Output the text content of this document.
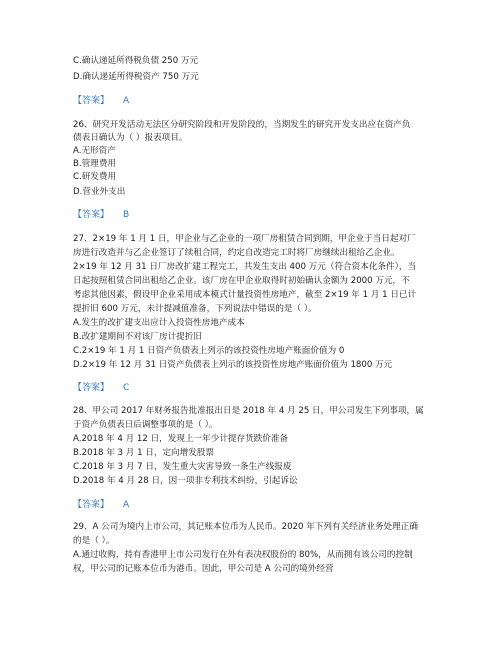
C.确认递延所得税负债 250 万元
D.确认递延所得税资产 750 万元
【答案】 A
26、研究开发活动无法区分研究阶段和开发阶段的，当期发生的研究开发支出应在资产负
债表日确认为（ ）报表项目。
A.无形资产
B.管理费用
C.研发费用
D.营业外支出
【答案】 B
27、2×19 年 1 月 1 日，甲企业与乙企业的一项厂房租赁合同到期，甲企业于当日起对厂
房进行改造并与乙企业签订了续租合同，约定自改造完工时将厂房继续出租给乙企业。
2×19 年 12 月 31 日厂房改扩建工程完工，共发生支出 400 万元（符合资本化条件），当
日起按照租赁合同出租给乙企业。该厂房在甲企业取得时初始确认金额为 2000 万元，不
考虑其他因素，假设甲企业采用成本模式计量投资性房地产，截至 2×19 年 1 月 1 日已计
提折旧 600 万元，未计提减值准备，下列说法中错误的是（ ）。
A.发生的改扩建支出应计入投资性房地产成本
B.改扩建期间不对该厂房计提折旧
C.2×19 年 1 月 1 日资产负债表上列示的该投资性房地产账面价值为 0
D.2×19 年 12 月 31 日资产负债表上列示的该投资性房地产账面价值为 1800 万元
【答案】 C
28、甲公司 2017 年财务报告批准报出日是 2018 年 4 月 25 日，甲公司发生下列事项，属
于资产负债表日后调整事项的是（ ）。
A.2018 年 4 月 12 日，发现上一年少计提存货跌价准备
B.2018 年 3 月 1 日，定向增发股票
C.2018 年 3 月 7 日，发生重大灾害导致一条生产线报废
D.2018 年 4 月 28 日，因一项非专利技术纠纷，引起诉讼
【答案】 A
29、A 公司为境内上市公司，其记账本位币为人民币。2020 年下列有关经济业务处理正确
的是（ ）。
A.通过收购，持有香港甲上市公司发行在外有表决权股份的 80%，从而拥有该公司的控制
权，甲公司的记账本位币为港币。因此，甲公司是 A 公司的境外经营
